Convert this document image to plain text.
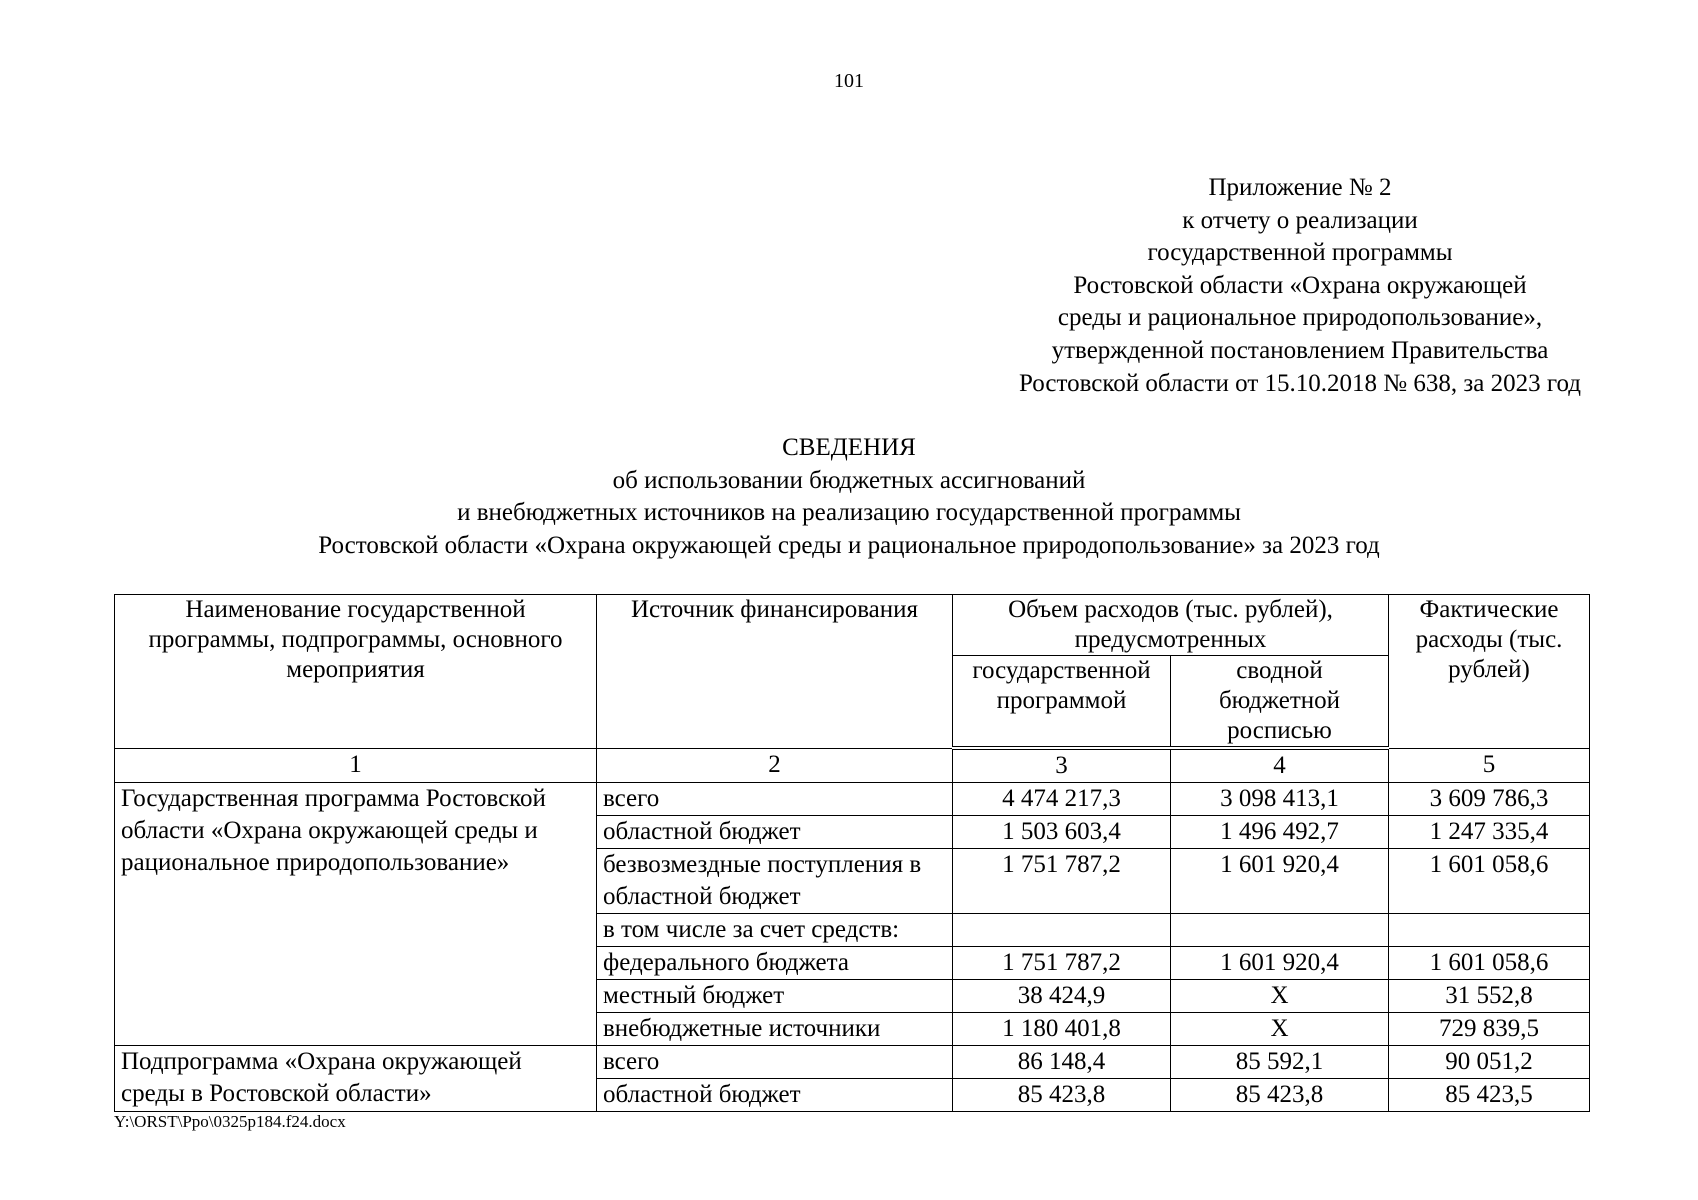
101
Приложение № 2
к отчету о реализации
государственной программы
Ростовской области «Охрана окружающей
среды и рациональное природопользование»,
утвержденной постановлением Правительства
Ростовской области от 15.10.2018 № 638, за 2023 год
СВЕДЕНИЯ
об использовании бюджетных ассигнований
и внебюджетных источников на реализацию государственной программы
Ростовской области «Охрана окружающей среды и рациональное природопользование» за 2023 год
Наименование государственной программы, подпрограммы, основного мероприятия	Источник финансирования	Объем расходов (тыс. рублей), предусмотренных		Фактические расходы (тыс. рублей)
		государственной программой	сводной бюджетной росписью	
1	2	3	4	5
Государственная программа Ростовской области «Охрана окружающей среды и рациональное природопользование»	всего	4 474 217,3	3 098 413,1	3 609 786,3
	областной бюджет	1 503 603,4	1 496 492,7	1 247 335,4
	безвозмездные поступления в областной бюджет	1 751 787,2	1 601 920,4	1 601 058,6
	в том числе за счет средств:			
	федерального бюджета	1 751 787,2	1 601 920,4	1 601 058,6
	местный бюджет	38 424,9	Х	31 552,8
	внебюджетные источники	1 180 401,8	Х	729 839,5
Подпрограмма «Охрана окружающей среды в Ростовской области»	всего	86 148,4	85 592,1	90 051,2
	областной бюджет	85 423,8	85 423,8	85 423,5
Y:\ORST\Ppo\0325p184.f24.docx
